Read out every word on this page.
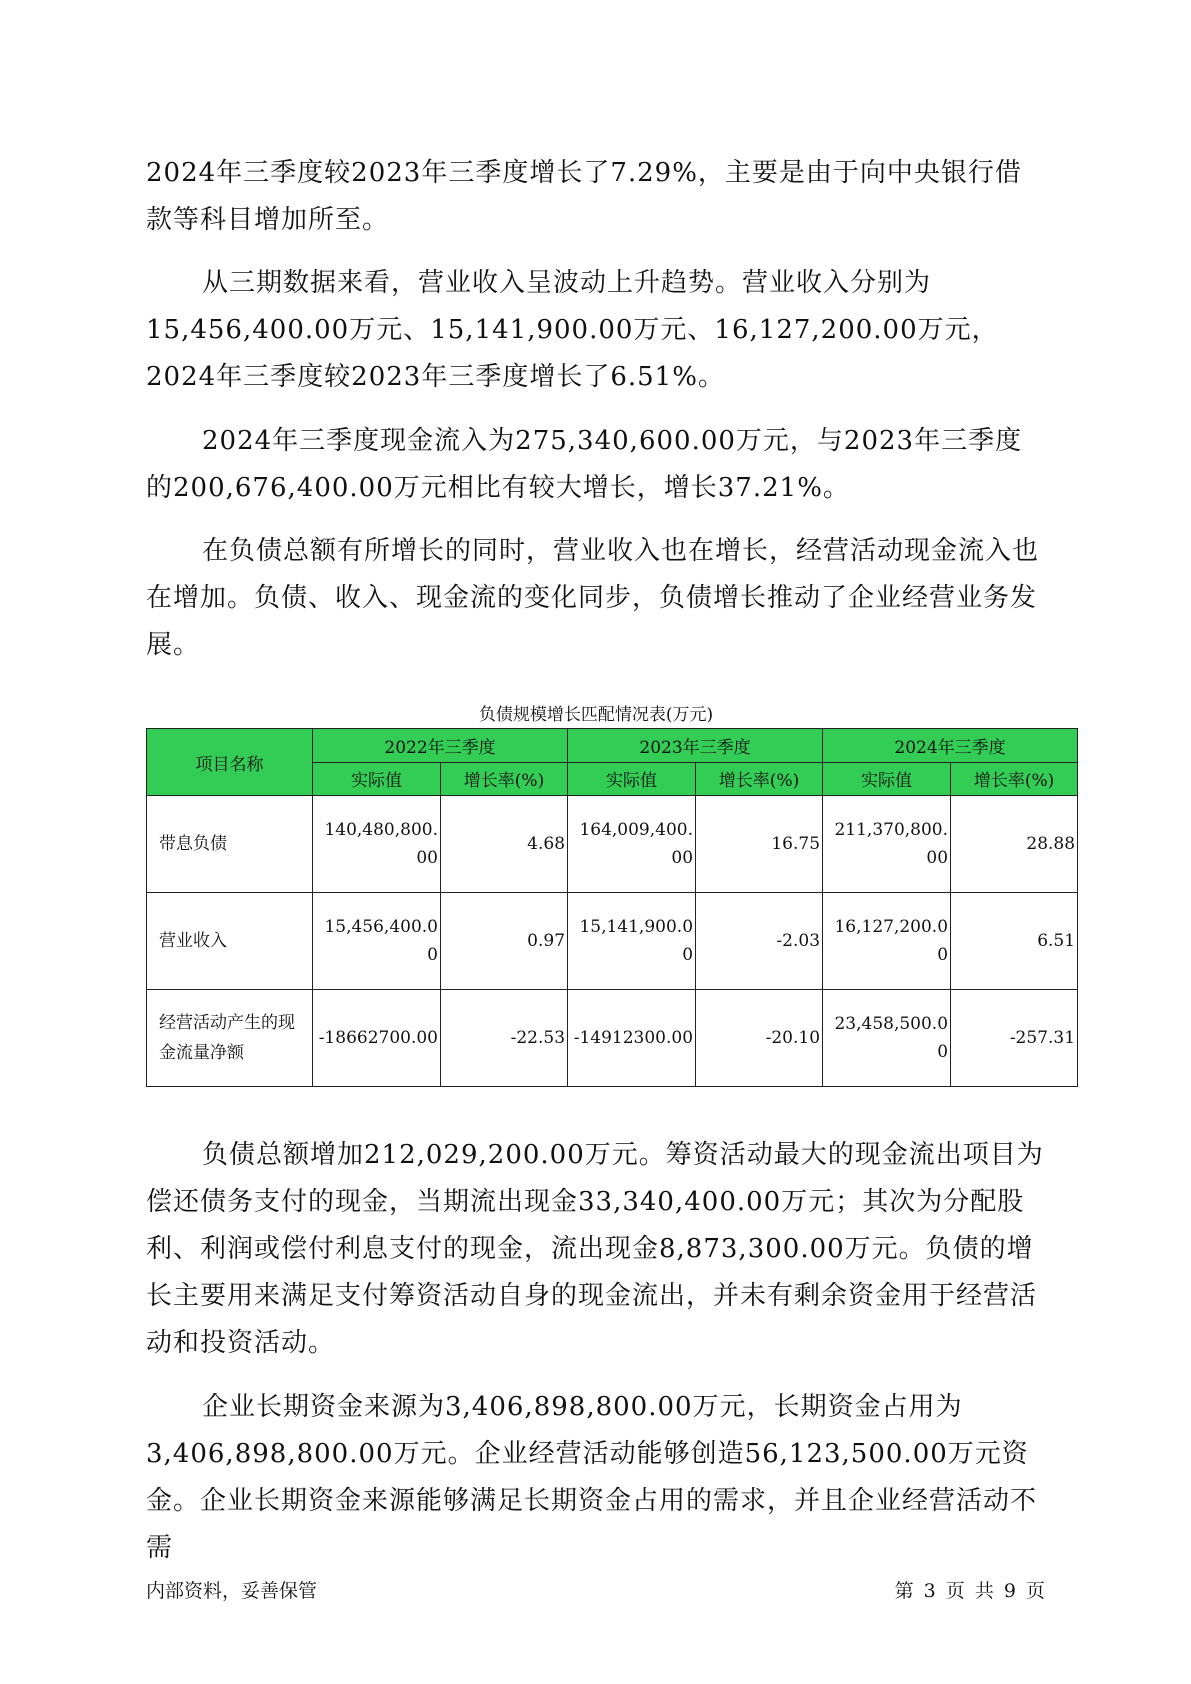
2024年三季度较2023年三季度增长了7.29%，主要是由于向中央银行借款等科目增加所至。

从三期数据来看，营业收入呈波动上升趋势。营业收入分别为15,456,400.00万元、15,141,900.00万元、16,127,200.00万元，2024年三季度较2023年三季度增长了6.51%。

2024年三季度现金流入为275,340,600.00万元，与2023年三季度的200,676,400.00万元相比有较大增长，增长37.21%。

在负债总额有所增长的同时，营业收入也在增长，经营活动现金流入也在增加。负债、收入、现金流的变化同步，负债增长推动了企业经营业务发展。

负债规模增长匹配情况表(万元)
项目名称	2022年三季度		2023年三季度		2024年三季度	
	实际值	增长率(%)	实际值	增长率(%)	实际值	增长率(%)
带息负债	140,480,800.00	4.68	164,009,400.00	16.75	211,370,800.00	28.88
营业收入	15,456,400.00	0.97	15,141,900.00	-2.03	16,127,200.00	6.51
经营活动产生的现金流量净额	-18662700.00	-22.53	-14912300.00	-20.10	23,458,500.00	-257.31

负债总额增加212,029,200.00万元。筹资活动最大的现金流出项目为偿还债务支付的现金，当期流出现金33,340,400.00万元；其次为分配股利、利润或偿付利息支付的现金，流出现金8,873,300.00万元。负债的增长主要用来满足支付筹资活动自身的现金流出，并未有剩余资金用于经营活动和投资活动。

企业长期资金来源为3,406,898,800.00万元，长期资金占用为3,406,898,800.00万元。企业经营活动能够创造56,123,500.00万元资金。企业长期资金来源能够满足长期资金占用的需求，并且企业经营活动不需

内部资料，妥善保管	第 3 页 共 9 页
